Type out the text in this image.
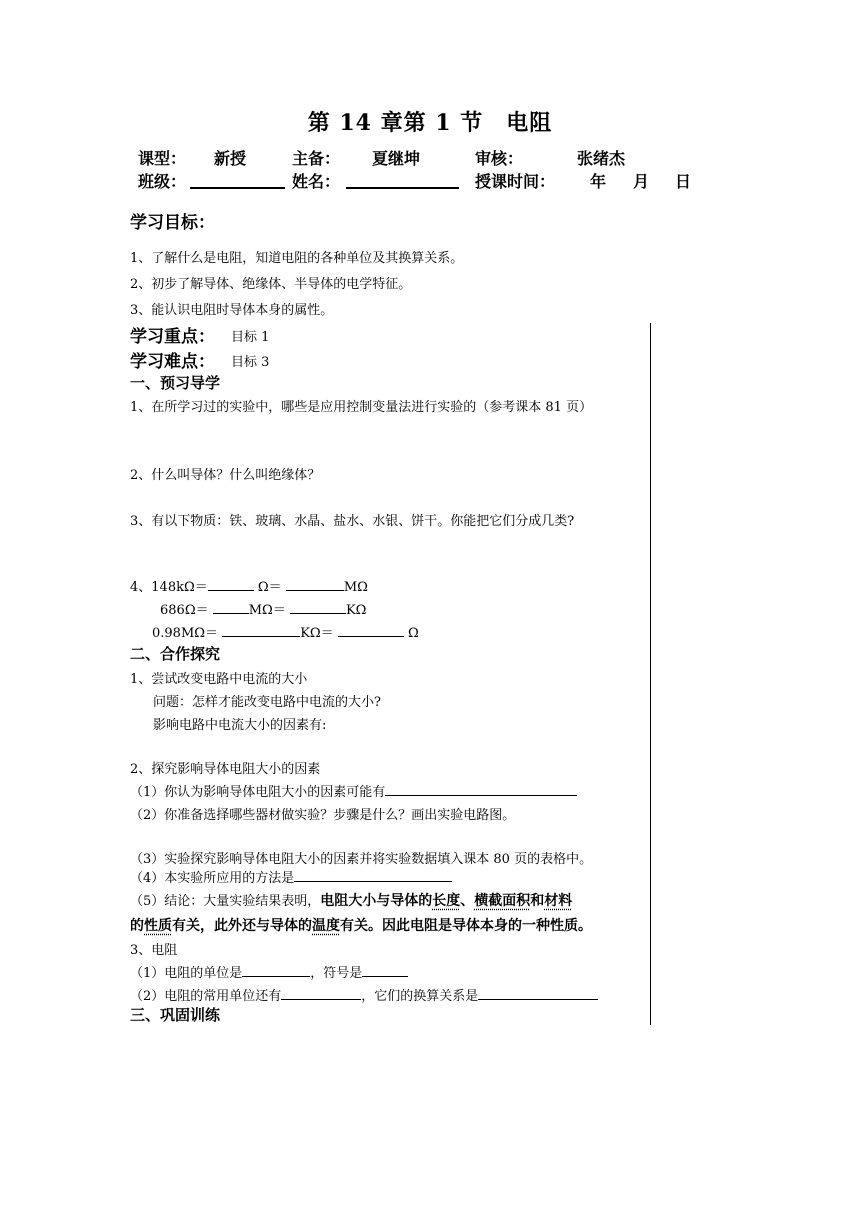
第 14 章第 1 节　电阻
课型： 新授	主备： 夏继坤	审核：	张绪杰
班级：	姓名：	授课时间： 年 月 日
学习目标：
1、了解什么是电阻，知道电阻的各种单位及其换算关系。
2、初步了解导体、绝缘体、半导体的电学特征。
3、能认识电阻时导体本身的属性。
学习重点： 目标 1
学习难点： 目标 3
一、预习导学
1、在所学习过的实验中，哪些是应用控制变量法进行实验的（参考课本 81 页）
2、什么叫导体？什么叫绝缘体？
3、有以下物质：铁、玻璃、水晶、盐水、水银、饼干。你能把它们分成几类?
4、148kΩ＝	Ω＝	MΩ
686Ω＝	MΩ＝	KΩ
0.98MΩ＝	KΩ＝	Ω
二、合作探究
1、尝试改变电路中电流的大小
问题：怎样才能改变电路中电流的大小?
影响电路中电流大小的因素有:
2、探究影响导体电阻大小的因素
（1）你认为影响导体电阻大小的因素可能有
（2）你准备选择哪些器材做实验？步骤是什么？画出实验电路图。
（3）实验探究影响导体电阻大小的因素并将实验数据填入课本 80 页的表格中。
（4）本实验所应用的方法是
（5）结论：大量实验结果表明，电阻大小与导体的长度、横截面积和材料
的性质有关，此外还与导体的温度有关。因此电阻是导体本身的一种性质。
3、电阻
（1）电阻的单位是	，符号是
（2）电阻的常用单位还有	，它们的换算关系是
三、巩固训练
